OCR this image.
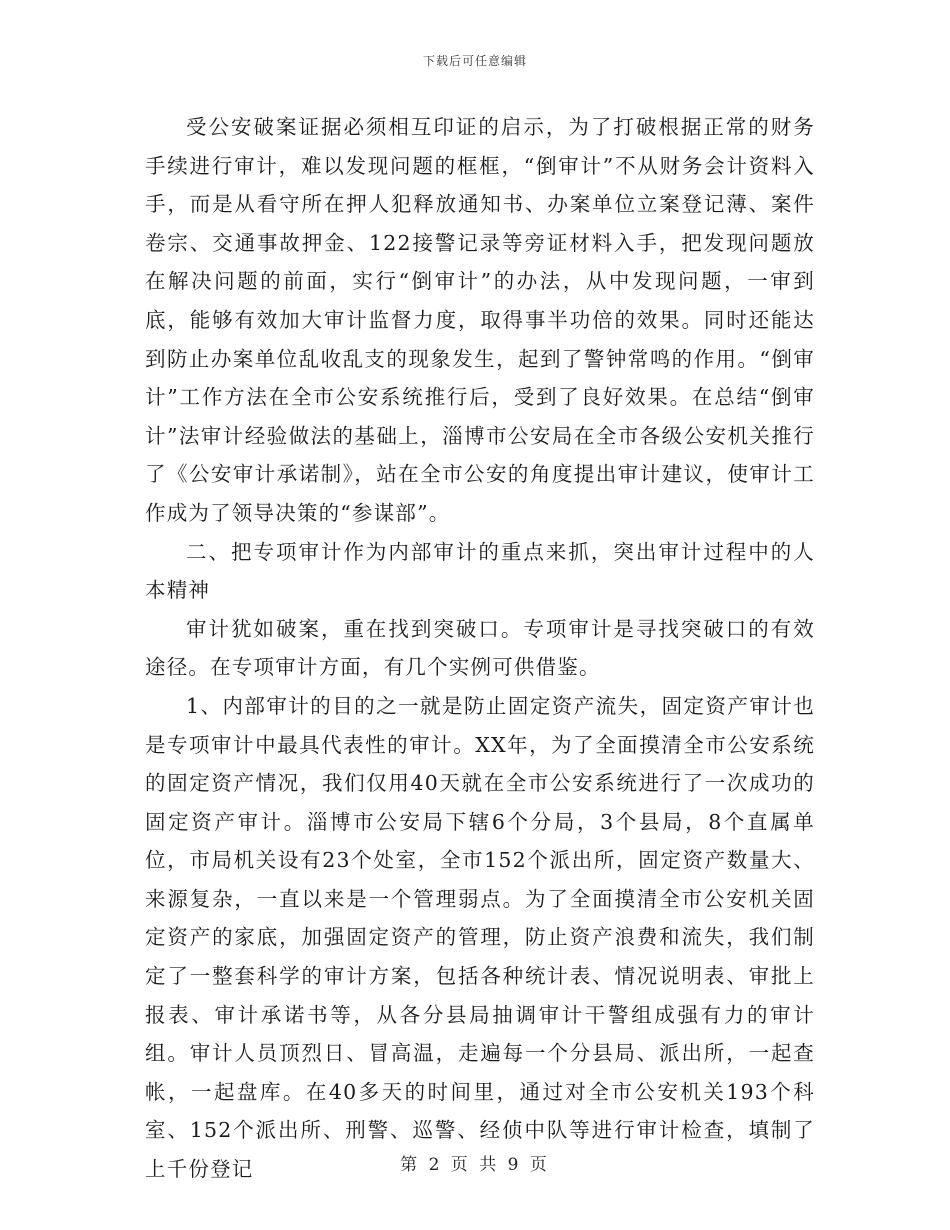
下载后可任意编辑

受公安破案证据必须相互印证的启示，为了打破根据正常的财务手续进行审计，难以发现问题的框框，“倒审计”不从财务会计资料入手，而是从看守所在押人犯释放通知书、办案单位立案登记薄、案件卷宗、交通事故押金、122接警记录等旁证材料入手，把发现问题放在解决问题的前面，实行“倒审计”的办法，从中发现问题，一审到底，能够有效加大审计监督力度，取得事半功倍的效果。同时还能达到防止办案单位乱收乱支的现象发生，起到了警钟常鸣的作用。“倒审计”工作方法在全市公安系统推行后，受到了良好效果。在总结“倒审计”法审计经验做法的基础上，淄博市公安局在全市各级公安机关推行了《公安审计承诺制》，站在全市公安的角度提出审计建议，使审计工作成为了领导决策的“参谋部”。

二、把专项审计作为内部审计的重点来抓，突出审计过程中的人本精神

审计犹如破案，重在找到突破口。专项审计是寻找突破口的有效途径。在专项审计方面，有几个实例可供借鉴。

1、内部审计的目的之一就是防止固定资产流失，固定资产审计也是专项审计中最具代表性的审计。XX年，为了全面摸清全市公安系统的固定资产情况，我们仅用40天就在全市公安系统进行了一次成功的固定资产审计。淄博市公安局下辖6个分局，3个县局，8个直属单位，市局机关设有23个处室，全市152个派出所，固定资产数量大、来源复杂，一直以来是一个管理弱点。为了全面摸清全市公安机关固定资产的家底，加强固定资产的管理，防止资产浪费和流失，我们制定了一整套科学的审计方案，包括各种统计表、情况说明表、审批上报表、审计承诺书等，从各分县局抽调审计干警组成强有力的审计组。审计人员顶烈日、冒高温，走遍每一个分县局、派出所，一起查帐，一起盘库。在40多天的时间里，通过对全市公安机关193个科室、152个派出所、刑警、巡警、经侦中队等进行审计检查，填制了上千份登记	第 2 页 共 9 页
